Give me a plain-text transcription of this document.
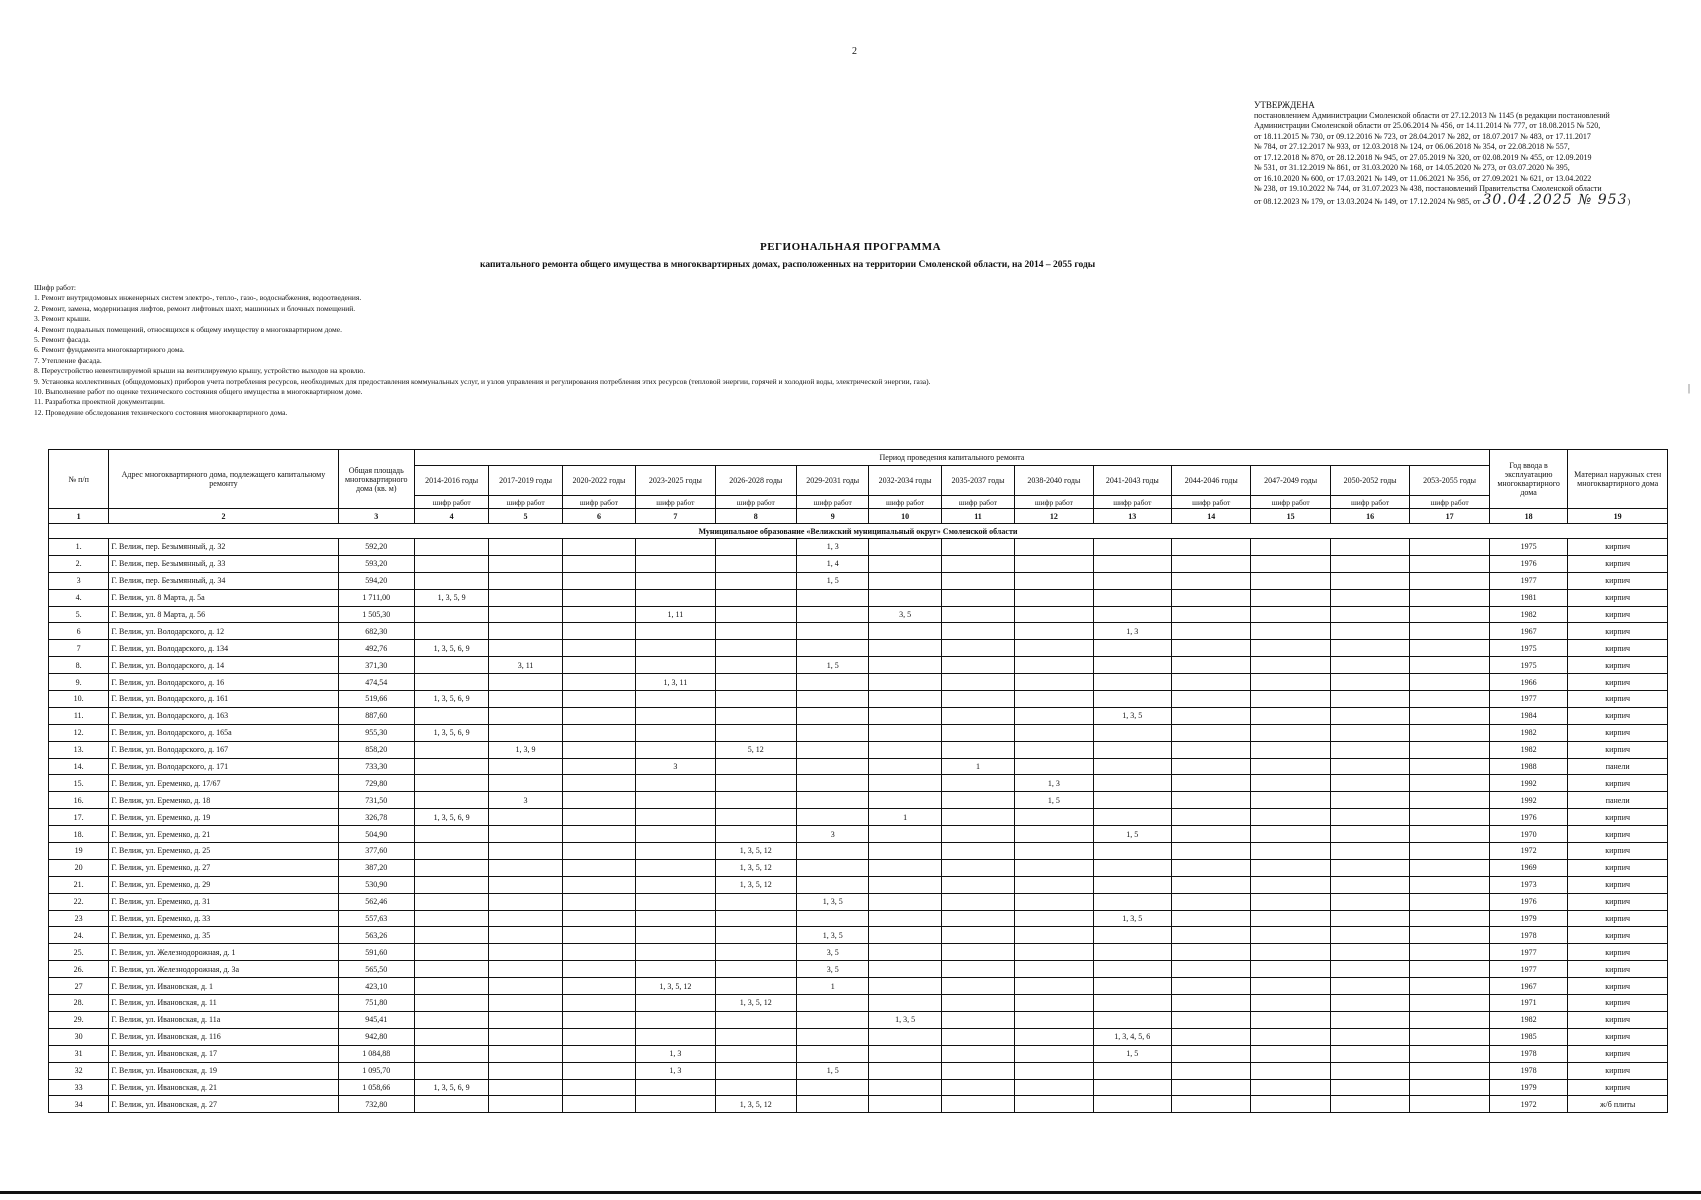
2
УТВЕРЖДЕНА
постановлением Администрации Смоленской области от 27.12.2013 № 1145 (в редакции постановлений
Администрации Смоленской области от 25.06.2014 № 456, от 14.11.2014 № 777, от 18.08.2015 № 520,
от 18.11.2015 № 730, от 09.12.2016 № 723, от 28.04.2017 № 282, от 18.07.2017 № 483, от 17.11.2017
№ 784, от 27.12.2017 № 933, от 12.03.2018 № 124, от 06.06.2018 № 354, от 22.08.2018 № 557,
от 17.12.2018 № 870, от 28.12.2018 № 945, от 27.05.2019 № 320, от 02.08.2019 № 455, от 12.09.2019
№ 531, от 31.12.2019 № 861, от 31.03.2020 № 168, от 14.05.2020 № 273, от 03.07.2020 № 395,
от 16.10.2020 № 600, от 17.03.2021 № 149, от 11.06.2021 № 356, от 27.09.2021 № 621, от 13.04.2022
№ 238, от 19.10.2022 № 744, от 31.07.2023 № 438, постановлений Правительства Смоленской области
от 08.12.2023 № 179, от 13.03.2024 № 149, от 17.12.2024 № 985, от 30.04.2025 № 953)
РЕГИОНАЛЬНАЯ ПРОГРАММА
капитального ремонта общего имущества в многоквартирных домах, расположенных на территории Смоленской области, на 2014 – 2055 годы
Шифр работ:
1. Ремонт внутридомовых инженерных систем электро-, тепло-, газо-, водоснабжения, водоотведения.
2. Ремонт, замена, модернизация лифтов, ремонт лифтовых шахт, машинных и блочных помещений.
3. Ремонт крыши.
4. Ремонт подвальных помещений, относящихся к общему имуществу в многоквартирном доме.
5. Ремонт фасада.
6. Ремонт фундамента многоквартирного дома.
7. Утепление фасада.
8. Переустройство невентилируемой крыши на вентилируемую крышу, устройство выходов на кровлю.
9. Установка коллективных (общедомовых) приборов учета потребления ресурсов, необходимых для предоставления коммунальных услуг, и узлов управления и регулирования потребления этих ресурсов (тепловой энергии, горячей и холодной воды, электрической энергии, газа).
10. Выполнение работ по оценке технического состояния общего имущества в многоквартирном доме.
11. Разработка проектной документации.
12. Проведение обследования технического состояния многоквартирного дома.
№ п/п	Адрес многоквартирного дома, подлежащего капитальному ремонту	Общая площадь многоквартирного дома (кв. м)	Период проведения капитального ремонта														Год ввода в эксплуатацию многоквартирного дома	Материал наружных стен многоквартирного дома
			2014-2016 годы	2017-2019 годы	2020-2022 годы	2023-2025 годы	2026-2028 годы	2029-2031 годы	2032-2034 годы	2035-2037 годы	2038-2040 годы	2041-2043 годы	2044-2046 годы	2047-2049 годы	2050-2052 годы	2053-2055 годы		
			шифр работ	шифр работ	шифр работ	шифр работ	шифр работ	шифр работ	шифр работ	шифр работ	шифр работ	шифр работ	шифр работ	шифр работ	шифр работ	шифр работ		
1	2	3	4	5	6	7	8	9	10	11	12	13	14	15	16	17	18	19
Муниципальное образование «Велижский муниципальный округ» Смоленской области																		
1.	Г. Велиж, пер. Безымянный, д. 32	592,20						1, 3									1975	кирпич
2.	Г. Велиж, пер. Безымянный, д. 33	593,20						1, 4									1976	кирпич
3	Г. Велиж, пер. Безымянный, д. 34	594,20						1, 5									1977	кирпич
4.	Г. Велиж, ул. 8 Марта, д. 5а	1 711,00	1, 3, 5, 9														1981	кирпич
5.	Г. Велиж, ул. 8 Марта, д. 56	1 505,30				1, 11			3, 5								1982	кирпич
6	Г. Велиж, ул. Володарского, д. 12	682,30										1, 3					1967	кирпич
7	Г. Велиж, ул. Володарского, д. 134	492,76	1, 3, 5, 6, 9														1975	кирпич
8.	Г. Велиж, ул. Володарского, д. 14	371,30		3, 11				1, 5									1975	кирпич
9.	Г. Велиж, ул. Володарского, д. 16	474,54				1, 3, 11											1966	кирпич
10.	Г. Велиж, ул. Володарского, д. 161	519,66	1, 3, 5, 6, 9														1977	кирпич
11.	Г. Велиж, ул. Володарского, д. 163	887,60										1, 3, 5					1984	кирпич
12.	Г. Велиж, ул. Володарского, д. 165а	955,30	1, 3, 5, 6, 9														1982	кирпич
13.	Г. Велиж, ул. Володарского, д. 167	858,20		1, 3, 9			5, 12										1982	кирпич
14.	Г. Велиж, ул. Володарского, д. 171	733,30				3				1							1988	панели
15.	Г. Велиж, ул. Еременко, д. 17/67	729,80									1, 3						1992	кирпич
16.	Г. Велиж, ул. Еременко, д. 18	731,50		3							1, 5						1992	панели
17.	Г. Велиж, ул. Еременко, д. 19	326,78	1, 3, 5, 6, 9						1								1976	кирпич
18.	Г. Велиж, ул. Еременко, д. 21	504,90						3				1, 5					1970	кирпич
19	Г. Велиж, ул. Еременко, д. 25	377,60					1, 3, 5, 12										1972	кирпич
20	Г. Велиж, ул. Еременко, д. 27	387,20					1, 3, 5, 12										1969	кирпич
21.	Г. Велиж, ул. Еременко, д. 29	530,90					1, 3, 5, 12										1973	кирпич
22.	Г. Велиж, ул. Еременко, д. 31	562,46						1, 3, 5									1976	кирпич
23	Г. Велиж, ул. Еременко, д. 33	557,63										1, 3, 5					1979	кирпич
24.	Г. Велиж, ул. Еременко, д. 35	563,26						1, 3, 5									1978	кирпич
25.	Г. Велиж, ул. Железнодорожная, д. 1	591,60						3, 5									1977	кирпич
26.	Г. Велиж, ул. Железнодорожная, д. 3а	565,50						3, 5									1977	кирпич
27	Г. Велиж, ул. Ивановская, д. 1	423,10				1, 3, 5, 12		1									1967	кирпич
28.	Г. Велиж, ул. Ивановская, д. 11	751,80					1, 3, 5, 12										1971	кирпич
29.	Г. Велиж, ул. Ивановская, д. 11а	945,41							1, 3, 5								1982	кирпич
30	Г. Велиж, ул. Ивановская, д. 116	942,80										1, 3, 4, 5, 6					1985	кирпич
31	Г. Велиж, ул. Ивановская, д. 17	1 084,88				1, 3						1, 5					1978	кирпич
32	Г. Велиж, ул. Ивановская, д. 19	1 095,70				1, 3		1, 5									1978	кирпич
33	Г. Велиж, ул. Ивановская, д. 21	1 058,66	1, 3, 5, 6, 9														1979	кирпич
34	Г. Велиж, ул. Ивановская, д. 27	732,80					1, 3, 5, 12										1972	ж/б плиты
|
